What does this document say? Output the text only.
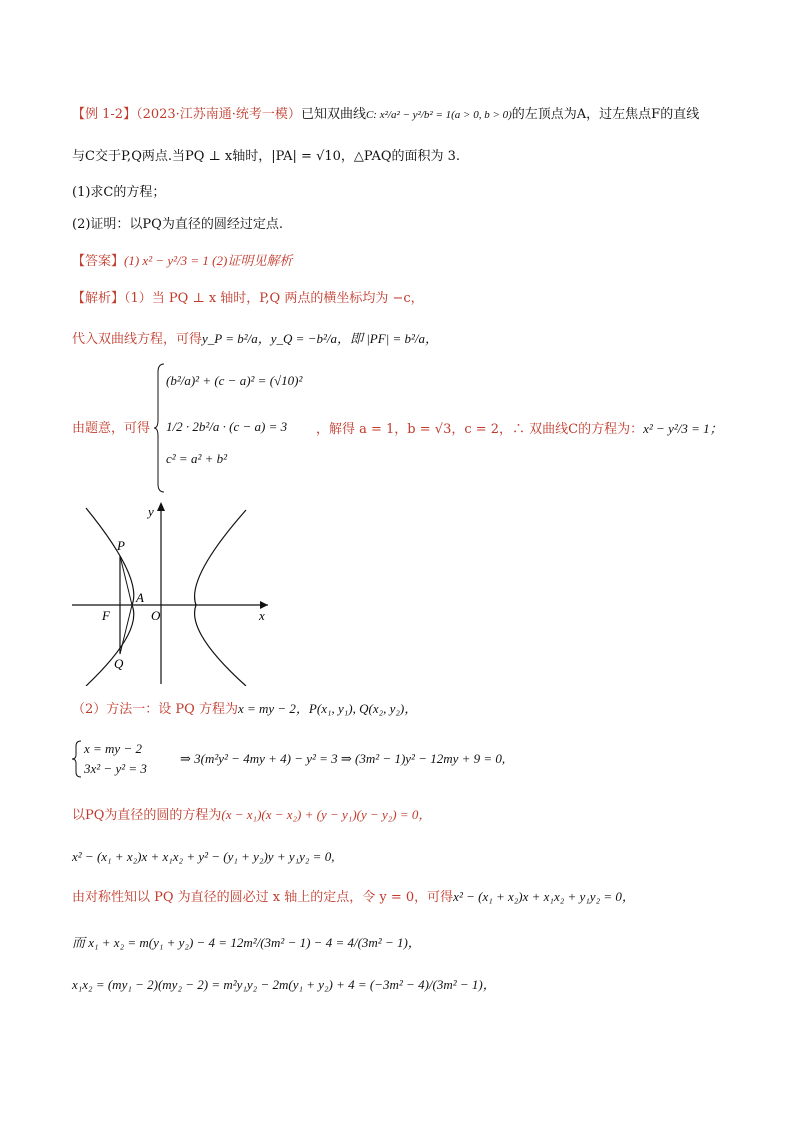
【例 1-2】（2023·江苏南通·统考一模）已知双曲线C: x²/a² − y²/b² = 1(a > 0, b > 0)的左顶点为A，过左焦点F的直线
与C交于P,Q两点.当PQ ⊥ x轴时，|PA| = √10，△PAQ的面积为 3.
(1)求C的方程；
(2)证明：以PQ为直径的圆经过定点.
【答案】(1) x² − y²/3 = 1 (2)证明见解析
【解析】（1）当 PQ ⊥ x 轴时，P,Q 两点的横坐标均为 −c，
代入双曲线方程，可得y_P = b²/a，y_Q = −b²/a，即 |PF| = b²/a，
由题意，可得
(b²/a)² + (c − a)² = (√10)²
1/2 · 2b²/a · (c − a) = 3
c² = a² + b²
，解得 a = 1，b = √3，c = 2，∴ 双曲线C的方程为：x² − y²/3 = 1；
y
x
P
A
F	O
Q
（2）方法一：设 PQ 方程为x = my − 2，P(x₁, y₁), Q(x₂, y₂)，
x = my − 2
3x² − y² = 3
⇒ 3(m²y² − 4my + 4) − y² = 3 ⇒ (3m² − 1)y² − 12my + 9 = 0,
以PQ为直径的圆的方程为(x − x₁)(x − x₂) + (y − y₁)(y − y₂) = 0，
x² − (x₁ + x₂)x + x₁x₂ + y² − (y₁ + y₂)y + y₁y₂ = 0,
由对称性知以 PQ 为直径的圆必过 x 轴上的定点，令 y = 0，可得x² − (x₁ + x₂)x + x₁x₂ + y₁y₂ = 0，
而 x₁ + x₂ = m(y₁ + y₂) − 4 = 12m²/(3m² − 1) − 4 = 4/(3m² − 1)，
x₁x₂ = (my₁ − 2)(my₂ − 2) = m²y₁y₂ − 2m(y₁ + y₂) + 4 = (−3m² − 4)/(3m² − 1)，
